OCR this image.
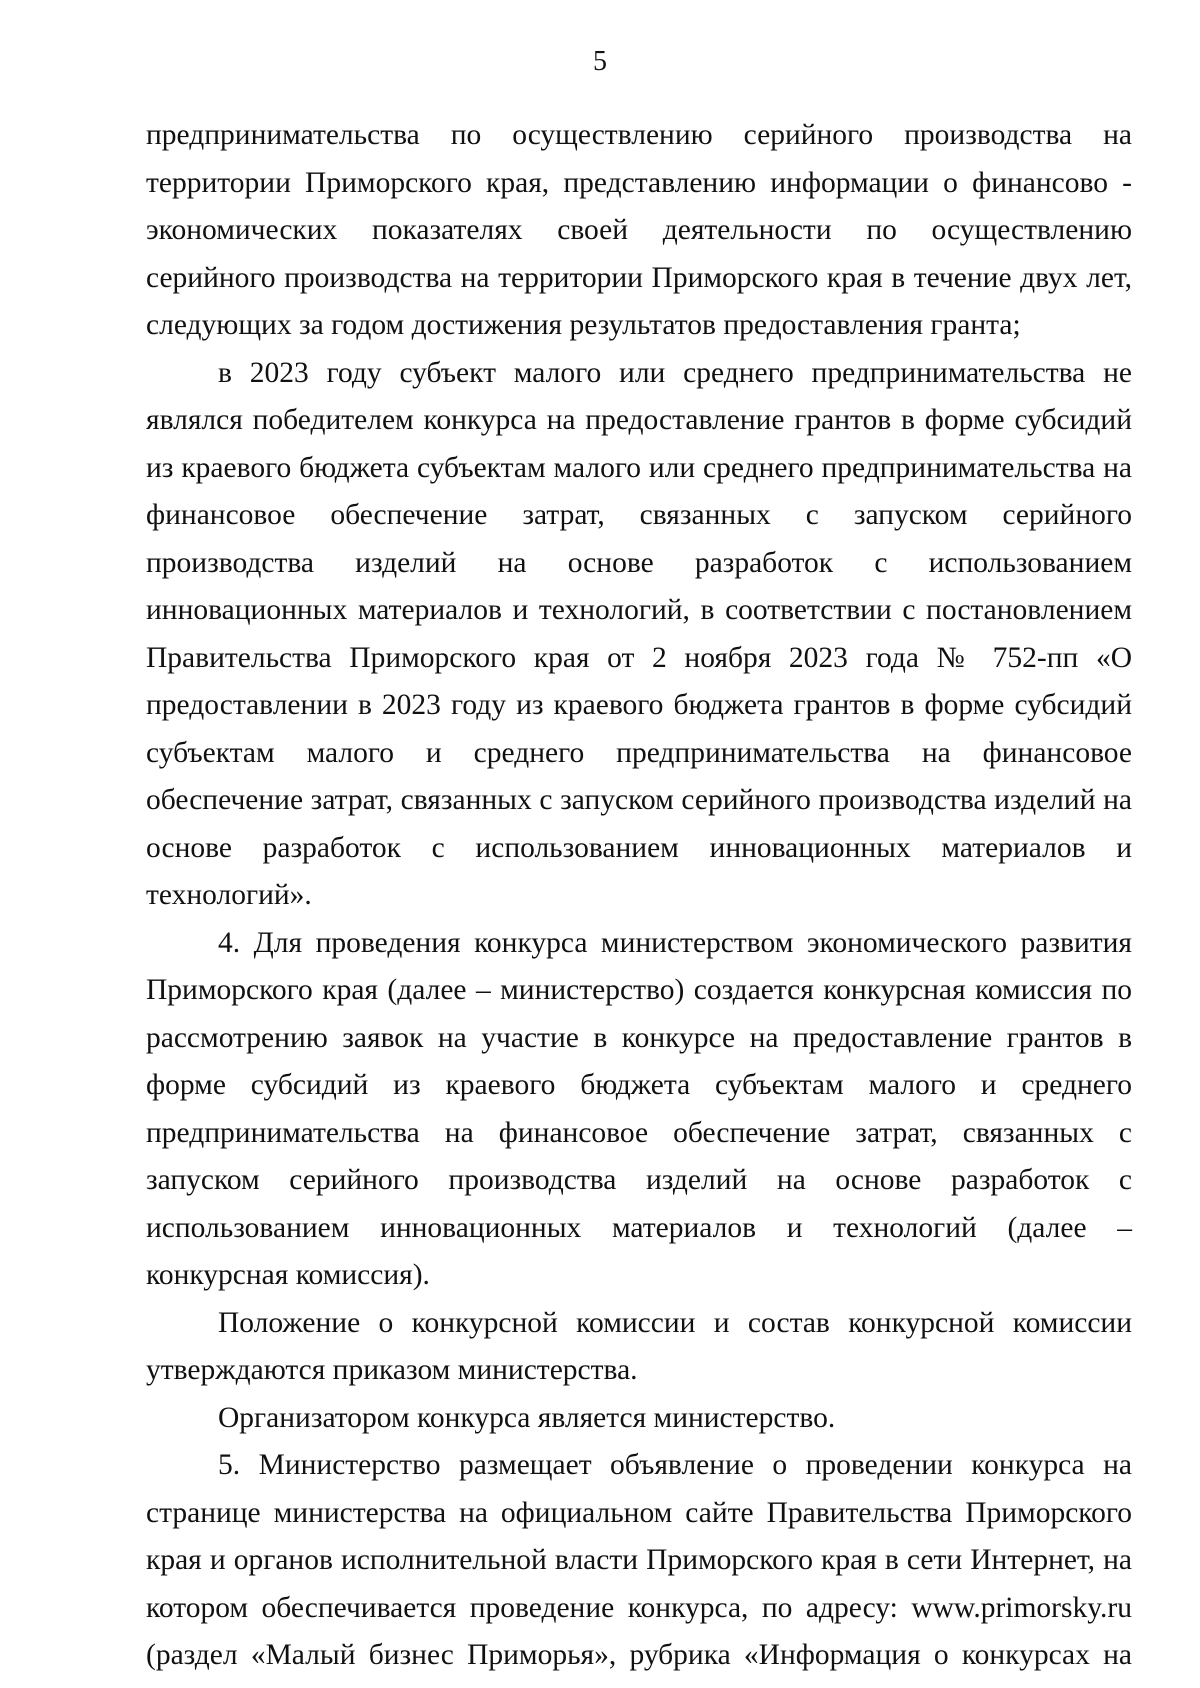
5

предпринимательства по осуществлению серийного производства на территории Приморского края, представлению информации о финансово - экономических показателях своей деятельности по осуществлению серийного производства на территории Приморского края в течение двух лет, следующих за годом достижения результатов предоставления гранта;

в 2023 году субъект малого или среднего предпринимательства не являлся победителем конкурса на предоставление грантов в форме субсидий из краевого бюджета субъектам малого или среднего предпринимательства на финансовое обеспечение затрат, связанных с запуском серийного производства изделий на основе разработок с использованием инновационных материалов и технологий, в соответствии с постановлением Правительства Приморского края от 2 ноября 2023 года № 752-пп «О предоставлении в 2023 году из краевого бюджета грантов в форме субсидий субъектам малого и среднего предпринимательства на финансовое обеспечение затрат, связанных с запуском серийного производства изделий на основе разработок с использованием инновационных материалов и технологий».

4. Для проведения конкурса министерством экономического развития Приморского края (далее – министерство) создается конкурсная комиссия по рассмотрению заявок на участие в конкурсе на предоставление грантов в форме субсидий из краевого бюджета субъектам малого и среднего предпринимательства на финансовое обеспечение затрат, связанных с запуском серийного производства изделий на основе разработок с использованием инновационных материалов и технологий (далее – конкурсная комиссия).

Положение о конкурсной комиссии и состав конкурсной комиссии утверждаются приказом министерства.

Организатором конкурса является министерство.

5. Министерство размещает объявление о проведении конкурса на странице министерства на официальном сайте Правительства Приморского края и органов исполнительной власти Приморского края в сети Интернет, на котором обеспечивается проведение конкурса, по адресу: www.primorsky.ru (раздел «Малый бизнес Приморья», рубрика «Информация о конкурсах на
